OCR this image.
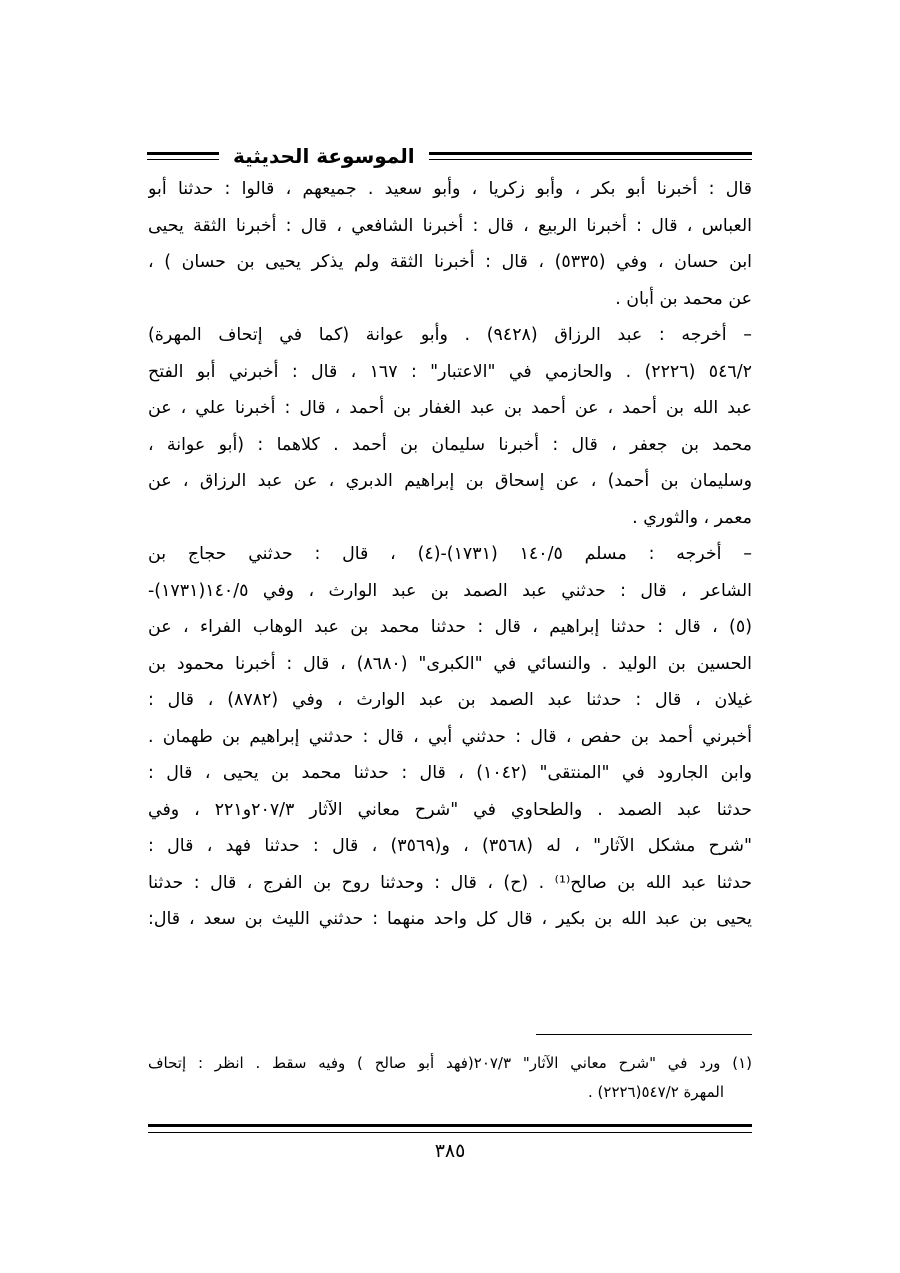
الموسوعة الحديثية
قال : أخبرنا أبو بكر ، وأبو زكريا ، وأبو سعيد . جميعهم ، قالوا : حدثنا أبو
العباس ، قال : أخبرنا الربيع ، قال : أخبرنا الشافعي ، قال : أخبرنا الثقة يحيى
ابن حسان ، وفي (٥٣٣٥) ، قال : أخبرنا الثقة ولم يذكر يحيى بن حسان ) ،
عن محمد بن أبان .
– أخرجه : عبد الرزاق (٩٤٢٨) . وأبو عوانة (كما في إتحاف المهرة)
٥٤٦/٢ (٢٢٢٦) . والحازمي في "الاعتبار" : ١٦٧ ، قال : أخبرني أبو الفتح
عبد الله بن أحمد ، عن أحمد بن عبد الغفار بن أحمد ، قال : أخبرنا علي ، عن
محمد بن جعفر ، قال : أخبرنا سليمان بن أحمد . كلاهما : (أبو عوانة ،
وسليمان بن أحمد) ، عن إسحاق بن إبراهيم الدبري ، عن عبد الرزاق ، عن
معمر ، والثوري .
– أخرجه : مسلم ١٤٠/٥ (١٧٣١)-(٤) ، قال : حدثني حجاج بن
الشاعر ، قال : حدثني عبد الصمد بن عبد الوارث ، وفي ١٤٠/٥(١٧٣١)-
(٥) ، قال : حدثنا إبراهيم ، قال : حدثنا محمد بن عبد الوهاب الفراء ، عن
الحسين بن الوليد . والنسائي في "الكبرى" (٨٦٨٠) ، قال : أخبرنا محمود بن
غيلان ، قال : حدثنا عبد الصمد بن عبد الوارث ، وفي (٨٧٨٢) ، قال :
أخبرني أحمد بن حفص ، قال : حدثني أبي ، قال : حدثني إبراهيم بن طهمان .
وابن الجارود في "المنتقى" (١٠٤٢) ، قال : حدثنا محمد بن يحيى ، قال :
حدثنا عبد الصمد . والطحاوي في "شرح معاني الآثار ٢٠٧/٣و٢٢١ ، وفي
"شرح مشكل الآثار" ، له (٣٥٦٨) ، و(٣٥٦٩) ، قال : حدثنا فهد ، قال :
حدثنا عبد الله بن صالح⁽¹⁾ . (ح) ، قال : وحدثنا روح بن الفرج ، قال : حدثنا
يحيى بن عبد الله بن بكير ، قال كل واحد منهما : حدثني الليث بن سعد ، قال:
(١) ورد في "شرح معاني الآثار" ٢٠٧/٣(فهد أبو صالح ) وفيه سقط . انظر : إتحاف
المهرة ٥٤٧/٢(٢٢٢٦) .
٣٨٥
